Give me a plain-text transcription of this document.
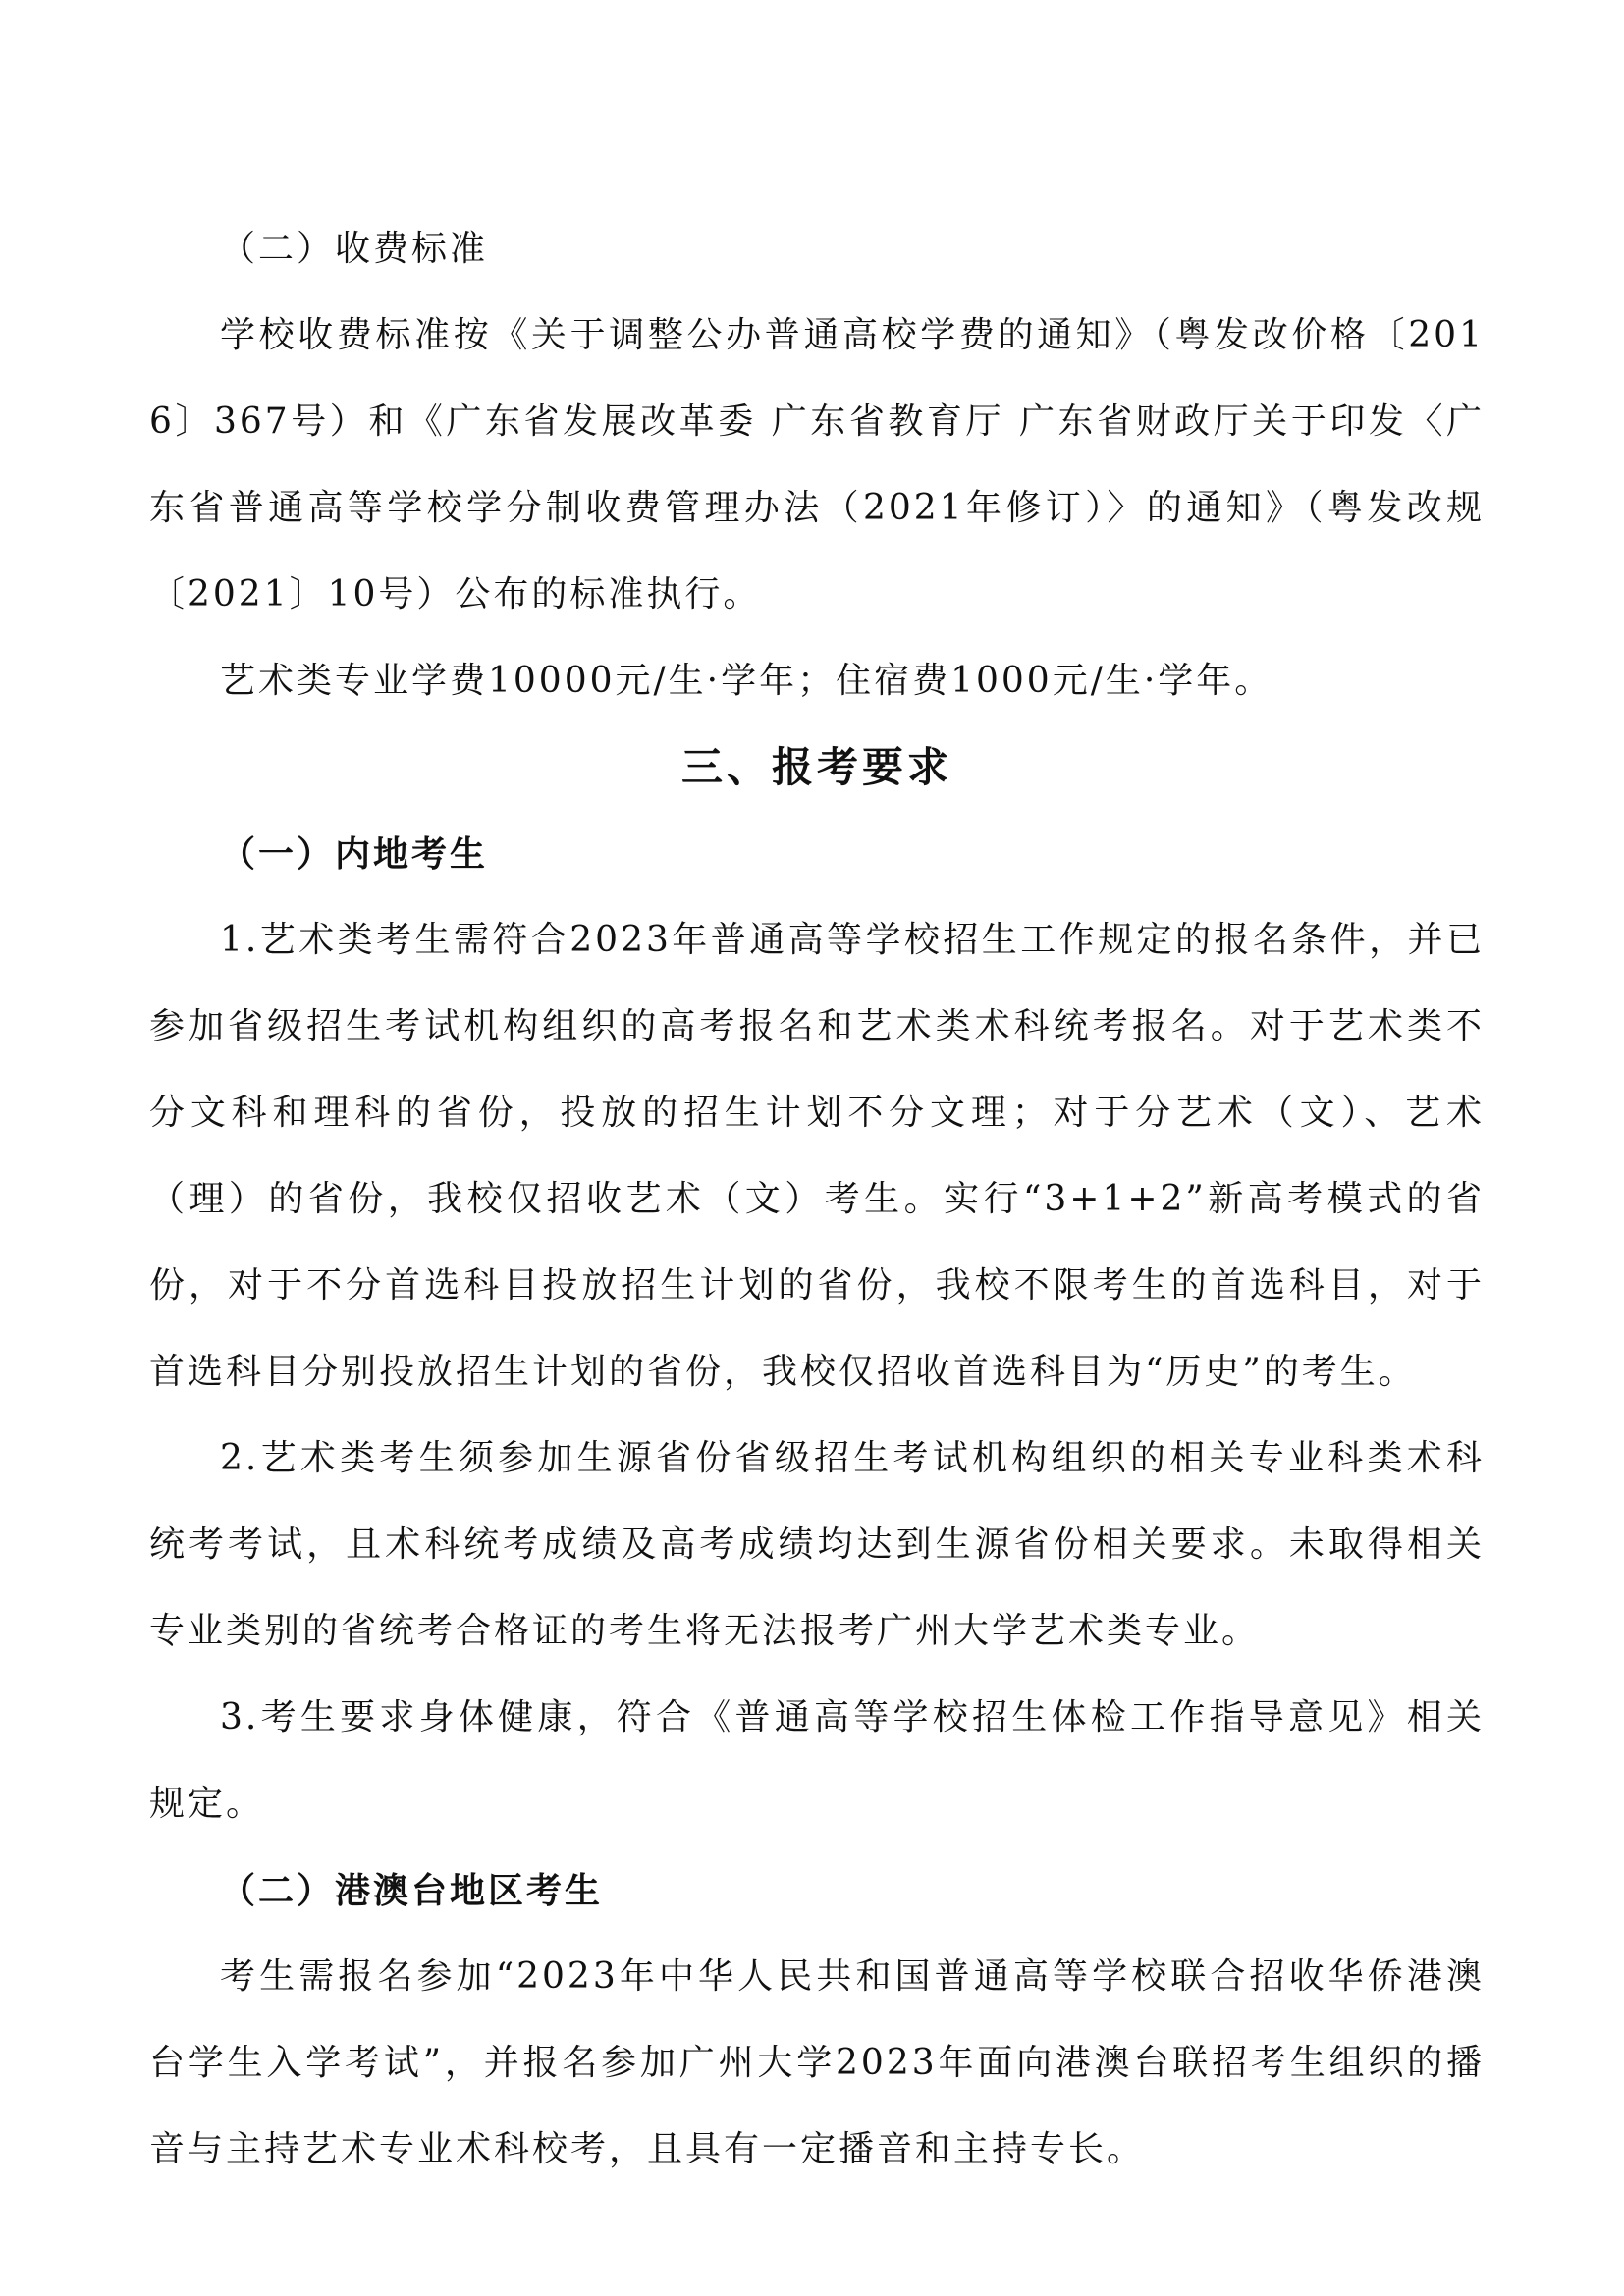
（二）收费标准

学校收费标准按《关于调整公办普通高校学费的通知》（粤发改价格〔2016〕367号）和《广东省发展改革委 广东省教育厅 广东省财政厅关于印发〈广东省普通高等学校学分制收费管理办法（2021年修订）〉的通知》（粤发改规〔2021〕10号）公布的标准执行。

艺术类专业学费10000元/生·学年；住宿费1000元/生·学年。

三、报考要求

（一）内地考生

1.艺术类考生需符合2023年普通高等学校招生工作规定的报名条件，并已参加省级招生考试机构组织的高考报名和艺术类术科统考报名。对于艺术类不分文科和理科的省份，投放的招生计划不分文理；对于分艺术（文）、艺术（理）的省份，我校仅招收艺术（文）考生。实行“3+1+2”新高考模式的省份，对于不分首选科目投放招生计划的省份，我校不限考生的首选科目，对于首选科目分别投放招生计划的省份，我校仅招收首选科目为“历史”的考生。

2.艺术类考生须参加生源省份省级招生考试机构组织的相关专业科类术科统考考试，且术科统考成绩及高考成绩均达到生源省份相关要求。未取得相关专业类别的省统考合格证的考生将无法报考广州大学艺术类专业。

3.考生要求身体健康，符合《普通高等学校招生体检工作指导意见》相关规定。

（二）港澳台地区考生

考生需报名参加“2023年中华人民共和国普通高等学校联合招收华侨港澳台学生入学考试”，并报名参加广州大学2023年面向港澳台联招考生组织的播音与主持艺术专业术科校考，且具有一定播音和主持专长。
